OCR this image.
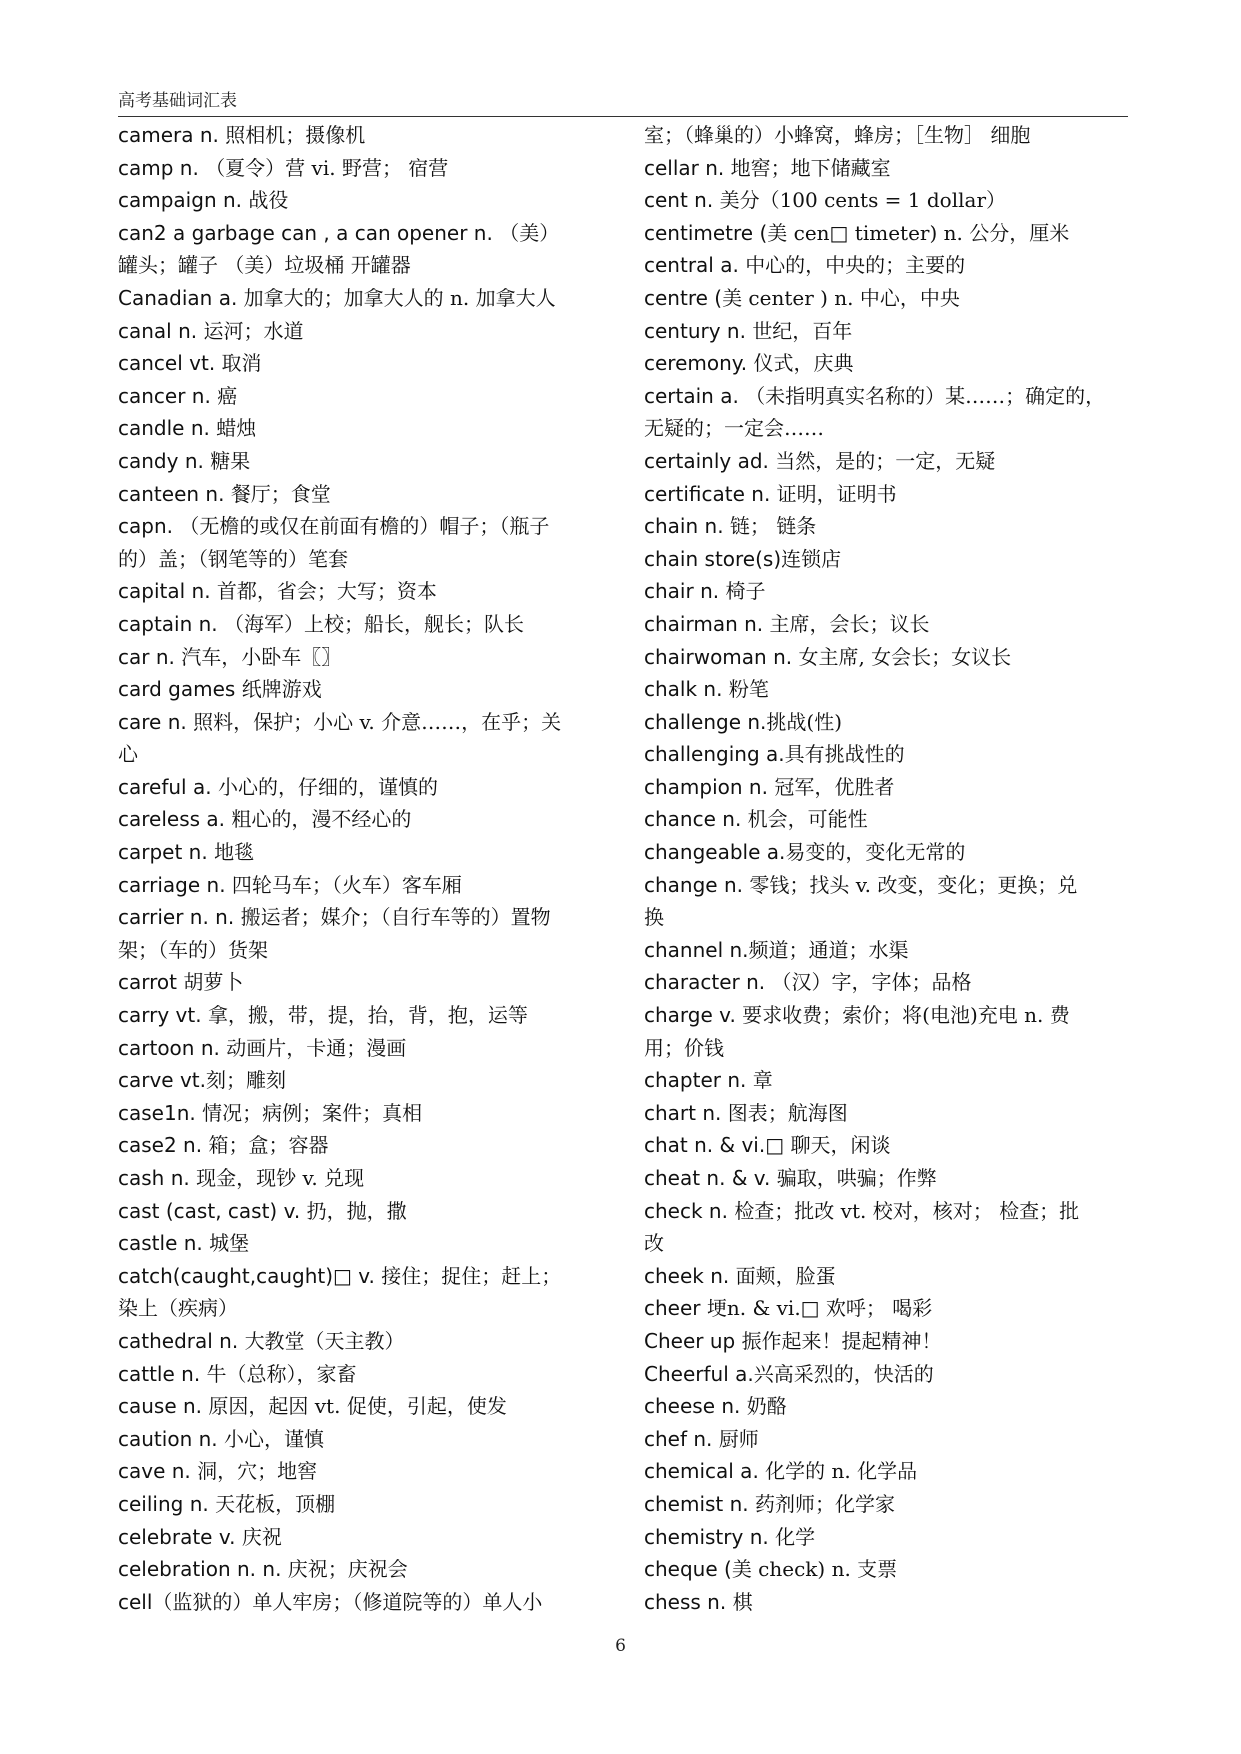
高考基础词汇表
camera n. 照相机；摄像机
camp n. （夏令）营 vi. 野营； 宿营
campaign n. 战役
can2 a garbage can , a can opener n. （美）
罐头；罐子 （美）垃圾桶 开罐器
Canadian a. 加拿大的；加拿大人的 n. 加拿大人
canal n. 运河；水道
cancel vt. 取消
cancer n. 癌
candle n. 蜡烛
candy n. 糖果
canteen n. 餐厅；食堂
capn. （无檐的或仅在前面有檐的）帽子；（瓶子
的）盖；（钢笔等的）笔套
capital n. 首都，省会；大写；资本
captain n. （海军）上校；船长，舰长；队长
car n. 汽车，小卧车〖〗
card games 纸牌游戏
care n. 照料，保护；小心 v. 介意……，在乎；关
心
careful a. 小心的，仔细的，谨慎的
careless a. 粗心的，漫不经心的
carpet n. 地毯
carriage n. 四轮马车；（火车）客车厢
carrier n. n. 搬运者；媒介；（自行车等的）置物
架；（车的）货架
carrot 胡萝卜
carry vt. 拿，搬，带，提，抬，背，抱，运等
cartoon n. 动画片，卡通；漫画
carve vt.刻；雕刻
case1n. 情况；病例；案件；真相
case2 n. 箱；盒；容器
cash n. 现金，现钞 v. 兑现
cast (cast, cast) v. 扔，抛，撒
castle n. 城堡
catch(caught,caught)□ v. 接住；捉住；赶上；
染上（疾病）
cathedral n. 大教堂（天主教）
cattle n. 牛（总称），家畜
cause n. 原因，起因 vt. 促使，引起，使发
caution n. 小心，谨慎
cave n. 洞，穴；地窖
ceiling n. 天花板，顶棚
celebrate v. 庆祝
celebration n. n. 庆祝；庆祝会
cell（监狱的）单人牢房；（修道院等的）单人小
室；（蜂巢的）小蜂窝，蜂房；［生物］ 细胞
cellar n. 地窖；地下储藏室
cent n. 美分（100 cents = 1 dollar）
centimetre (美 cen□ timeter) n. 公分，厘米
central a. 中心的，中央的；主要的
centre (美 center ) n. 中心，中央
century n. 世纪，百年
ceremony. 仪式，庆典
certain a. （未指明真实名称的）某……；确定的，
无疑的；一定会……
certainly ad. 当然，是的；一定，无疑
certificate n. 证明，证明书
chain n. 链； 链条
chain store(s)连锁店
chair n. 椅子
chairman n. 主席，会长；议长
chairwoman n. 女主席, 女会长；女议长
chalk n. 粉笔
challenge n.挑战(性)
challenging a.具有挑战性的
champion n. 冠军，优胜者
chance n. 机会，可能性
changeable a.易变的，变化无常的
change n. 零钱；找头 v. 改变，变化；更换；兑
换
channel n.频道；通道；水渠
character n. （汉）字，字体；品格
charge v. 要求收费；索价；将(电池)充电 n. 费
用；价钱
chapter n. 章
chart n. 图表；航海图
chat n. & vi.□ 聊天，闲谈
cheat n. & v. 骗取，哄骗；作弊
check n. 检查；批改 vt. 校对，核对； 检查；批
改
cheek n. 面颊，脸蛋
cheer 埂n. & vi.□ 欢呼； 喝彩
Cheer up 振作起来！提起精神！
Cheerful a.兴高采烈的，快活的
cheese n. 奶酪
chef n. 厨师
chemical a. 化学的 n. 化学品
chemist n. 药剂师；化学家
chemistry n. 化学
cheque (美 check) n. 支票
chess n. 棋
6
